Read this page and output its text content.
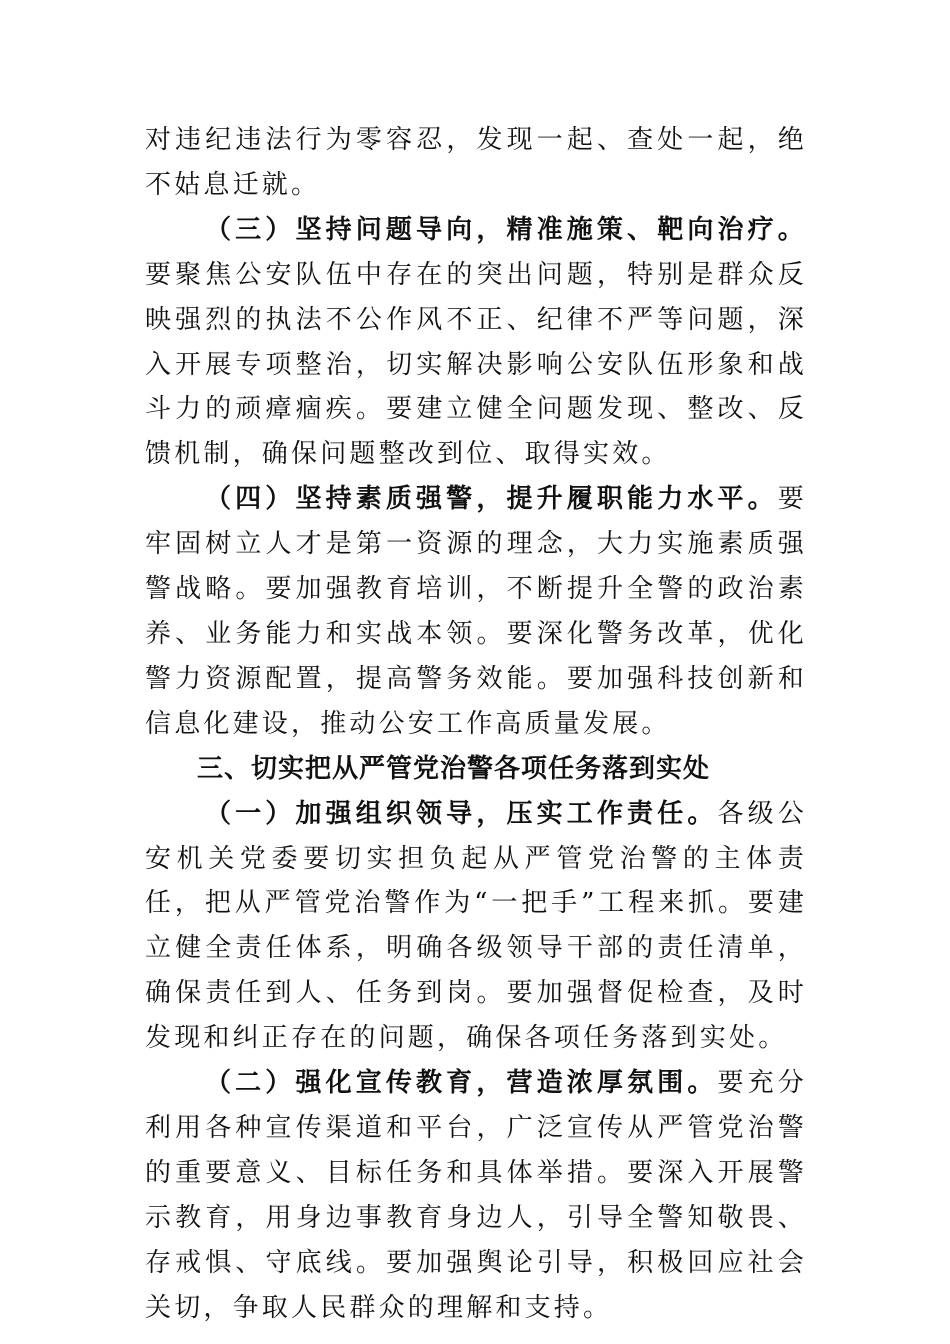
对违纪违法行为零容忍，发现一起、查处一起，绝不姑息迁就。

（三）坚持问题导向，精准施策、靶向治疗。要聚焦公安队伍中存在的突出问题，特别是群众反映强烈的执法不公作风不正、纪律不严等问题，深入开展专项整治，切实解决影响公安队伍形象和战斗力的顽瘴痼疾。要建立健全问题发现、整改、反馈机制，确保问题整改到位、取得实效。

（四）坚持素质强警，提升履职能力水平。要牢固树立人才是第一资源的理念，大力实施素质强警战略。要加强教育培训，不断提升全警的政治素养、业务能力和实战本领。要深化警务改革，优化警力资源配置，提高警务效能。要加强科技创新和信息化建设，推动公安工作高质量发展。

三、切实把从严管党治警各项任务落到实处

（一）加强组织领导，压实工作责任。各级公安机关党委要切实担负起从严管党治警的主体责任，把从严管党治警作为“一把手”工程来抓。要建立健全责任体系，明确各级领导干部的责任清单，确保责任到人、任务到岗。要加强督促检查，及时发现和纠正存在的问题，确保各项任务落到实处。

（二）强化宣传教育，营造浓厚氛围。要充分利用各种宣传渠道和平台，广泛宣传从严管党治警的重要意义、目标任务和具体举措。要深入开展警示教育，用身边事教育身边人，引导全警知敬畏、存戒惧、守底线。要加强舆论引导，积极回应社会关切，争取人民群众的理解和支持。
